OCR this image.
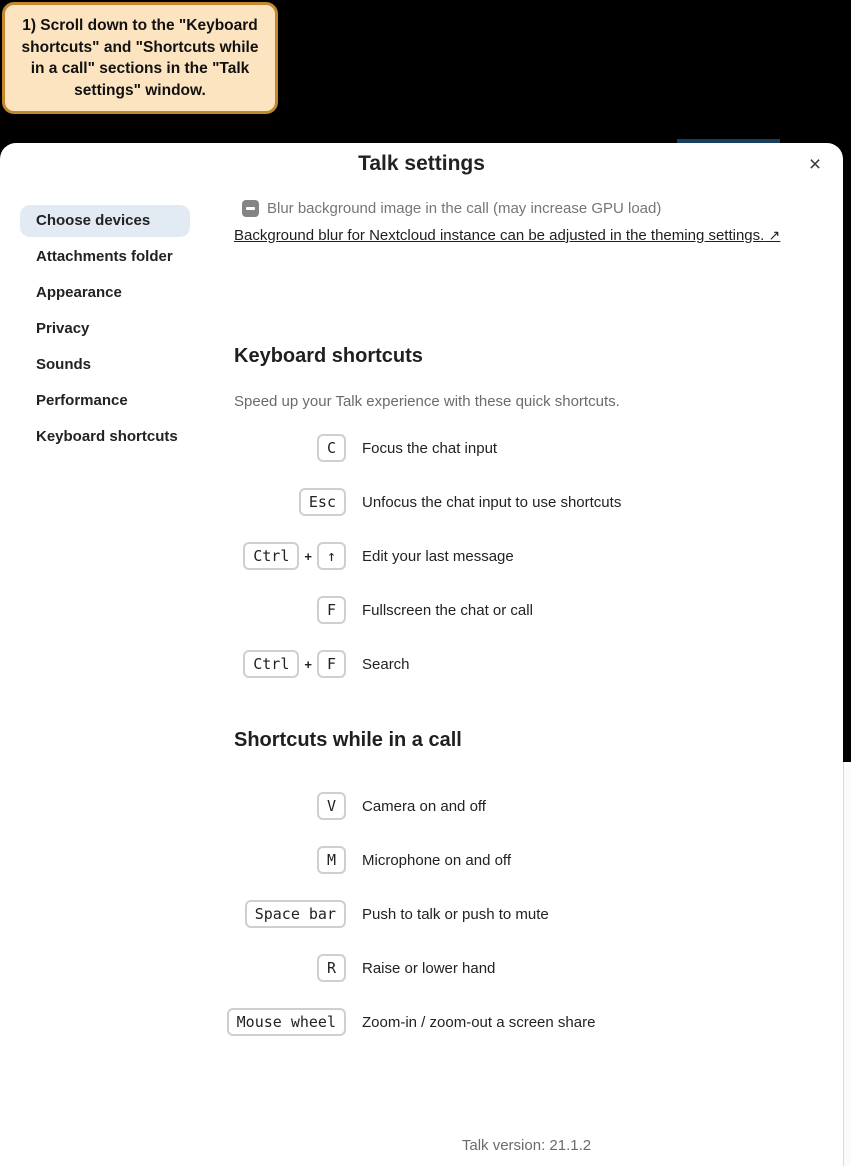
Talk settings	×
Choose devices
Attachments folder
Appearance
Privacy
Sounds
Performance
Keyboard shortcuts
Blur background image in the call (may increase GPU load)
Background blur for Nextcloud instance can be adjusted in the theming settings. ↗
Keyboard shortcuts

Speed up your Talk experience with these quick shortcuts.

C	Focus the chat input
Esc	Unfocus the chat input to use shortcuts
Ctrl	+	↑	Edit your last message
F	Fullscreen the chat or call
Ctrl	+	F	Search
Shortcuts while in a call
V	Camera on and off
M	Microphone on and off
Space bar	Push to talk or push to mute
R	Raise or lower hand
Mouse wheel	Zoom-in / zoom-out a screen share
Talk version: 21.1.2
1) Scroll down to the "Keyboard shortcuts" and "Shortcuts while in a call" sections in the "Talk settings" window.
